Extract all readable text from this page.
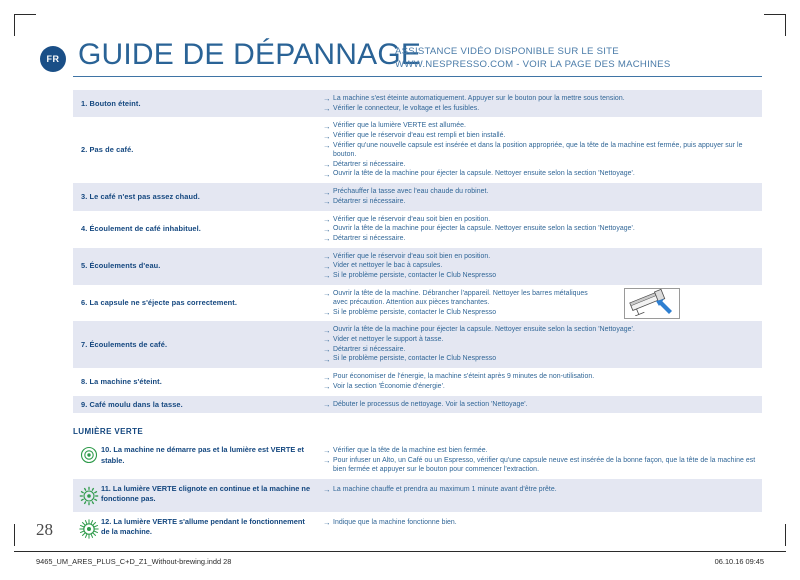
FR GUIDE DE DÉPANNAGE
ASSISTANCE VIDÉO DISPONIBLE SUR LE SITE
WWW.NESPRESSO.COM - VOIR LA PAGE DES MACHINES
1. Bouton éteint.
→ La machine s'est éteinte automatiquement. Appuyer sur le bouton pour la mettre sous tension.
→ Vérifier le connecteur, le voltage et les fusibles.
2. Pas de café.
→ Vérifier que la lumière VERTE est allumée.
→ Vérifier que le réservoir d'eau est rempli et bien installé.
→ Vérifier qu'une nouvelle capsule est insérée et dans la position appropriée, que la tête de la machine est fermée, puis appuyer sur le bouton.
→ Détartrer si nécessaire.
→ Ouvrir la tête de la machine pour éjecter la capsule. Nettoyer ensuite selon la section 'Nettoyage'.
3. Le café n'est pas assez chaud.
→ Préchauffer la tasse avec l'eau chaude du robinet.
→ Détartrer si nécessaire.
4. Écoulement de café inhabituel.
→ Vérifier que le réservoir d'eau soit bien en position.
→ Ouvrir la tête de la machine pour éjecter la capsule. Nettoyer ensuite selon la section 'Nettoyage'.
→ Détartrer si nécessaire.
5. Écoulements d'eau.
→ Vérifier que le réservoir d'eau soit bien en position.
→ Vider et nettoyer le bac à capsules.
→ Si le problème persiste, contacter le Club Nespresso
6. La capsule ne s'éjecte pas correctement.
→ Ouvrir la tête de la machine. Débrancher l'appareil. Nettoyer les barres métaliques avec précaution. Attention aux pièces tranchantes.
→ Si le problème persiste, contacter le Club Nespresso
7. Écoulements de café.
→ Ouvrir la tête de la machine pour éjecter la capsule. Nettoyer ensuite selon la section 'Nettoyage'.
→ Vider et nettoyer le support à tasse.
→ Détartrer si nécessaire.
→ Si le problème persiste, contacter le Club Nespresso
8. La machine s'éteint.
→ Pour économiser de l'énergie, la machine s'éteint après 9 minutes de non-utilisation.
→ Voir la section 'Économie d'énergie'.
9. Café moulu dans la tasse.	→ Débuter le processus de nettoyage. Voir la section 'Nettoyage'.
LUMIÈRE VERTE
10. La machine ne démarre pas et la lumière est VERTE et stable.
→ Vérifier que la tête de la machine est bien fermée.
→ Pour infuser un Alto, un Café ou un Espresso, vérifier qu'une capsule neuve est insérée de la bonne façon, que la tête de la machine est bien fermée et appuyer sur le bouton pour commencer l'extraction.
11. La lumière VERTE clignote en continue et la machine ne fonctionne pas.
→ La machine chauffe et prendra au maximum 1 minute avant d'être prête.
12. La lumière VERTE s'allume pendant le fonctionnement de la machine.
→ Indique que la machine fonctionne bien.
28
9465_UM_ARES_PLUS_C+D_Z1_Without-brewing.indd 28	06.10.16 09:45
